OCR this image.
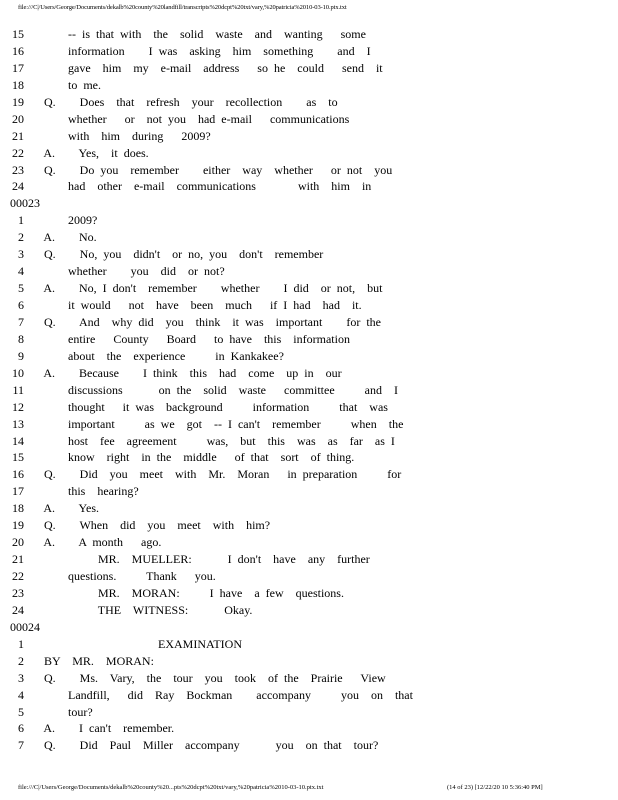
file:///C|/Users/George/Documents/dekalb%20county%20landfill/transcripts%20dcpt%20txt/vary,%20patricia%2010-03-10.ptx.txt
15 -- is that with  the  solid  waste  and  wanting   some
16 information    I was  asking  him  something    and  I
17 gave  him  my  e-mail  address   so he  could   send  it
18 to me.
19 Q.    Does  that  refresh  your  recollection    as  to
20 whether   or  not you  had e-mail   communications
21 with  him  during   2009?
22 A.    Yes,  it does.
23 Q.    Do you  remember    either  way  whether   or not  you
24 had  other  e-mail  communications       with  him  in
00023
1 2009?
2 A.    No.
3 Q.    No, you  didn't  or no, you  don't  remember
4 whether    you  did  or not?
5 A.    No, I don't  remember    whether    I did  or not,  but
6 it would   not  have  been  much   if I had  had  it.
7 Q.    And  why did  you  think  it was  important    for the
8 entire   County   Board   to have  this  information
9 about  the  experience     in Kankakee?
10 A.    Because    I think  this  had  come  up in  our
11 discussions      on the  solid  waste   committee     and  I
12 thought   it was  background     information     that  was
13 important     as we  got  -- I can't  remember     when  the
14 host  fee  agreement     was,  but  this  was  as  far  as I
15 know  right  in the  middle   of that  sort  of thing.
16 Q.    Did  you  meet  with  Mr.  Moran   in preparation     for
17 this  hearing?
18 A.    Yes.
19 Q.    When  did  you  meet  with  him?
20 A.    A month   ago.
21 MR.  MUELLER:      I don't  have  any  further
22 questions.     Thank   you.
23 MR.  MORAN:     I have  a few  questions.
24 THE  WITNESS:      Okay.
00024
1 EXAMINATION
2 BY  MR.  MORAN:
3 Q.    Ms.  Vary,  the  tour  you  took  of the  Prairie   View
4 Landfill,   did  Ray  Bockman    accompany     you  on  that
5 tour?
6 A.    I can't  remember.
7 Q.    Did  Paul  Miller  accompany      you  on that  tour?
file:///C|/Users/George/Documents/dekalb%20county%20...pts%20dcpt%20txt/vary,%20patricia%2010-03-10.ptx.txt	(14 of 23) [12/22/20 10 5:36:40 PM]
